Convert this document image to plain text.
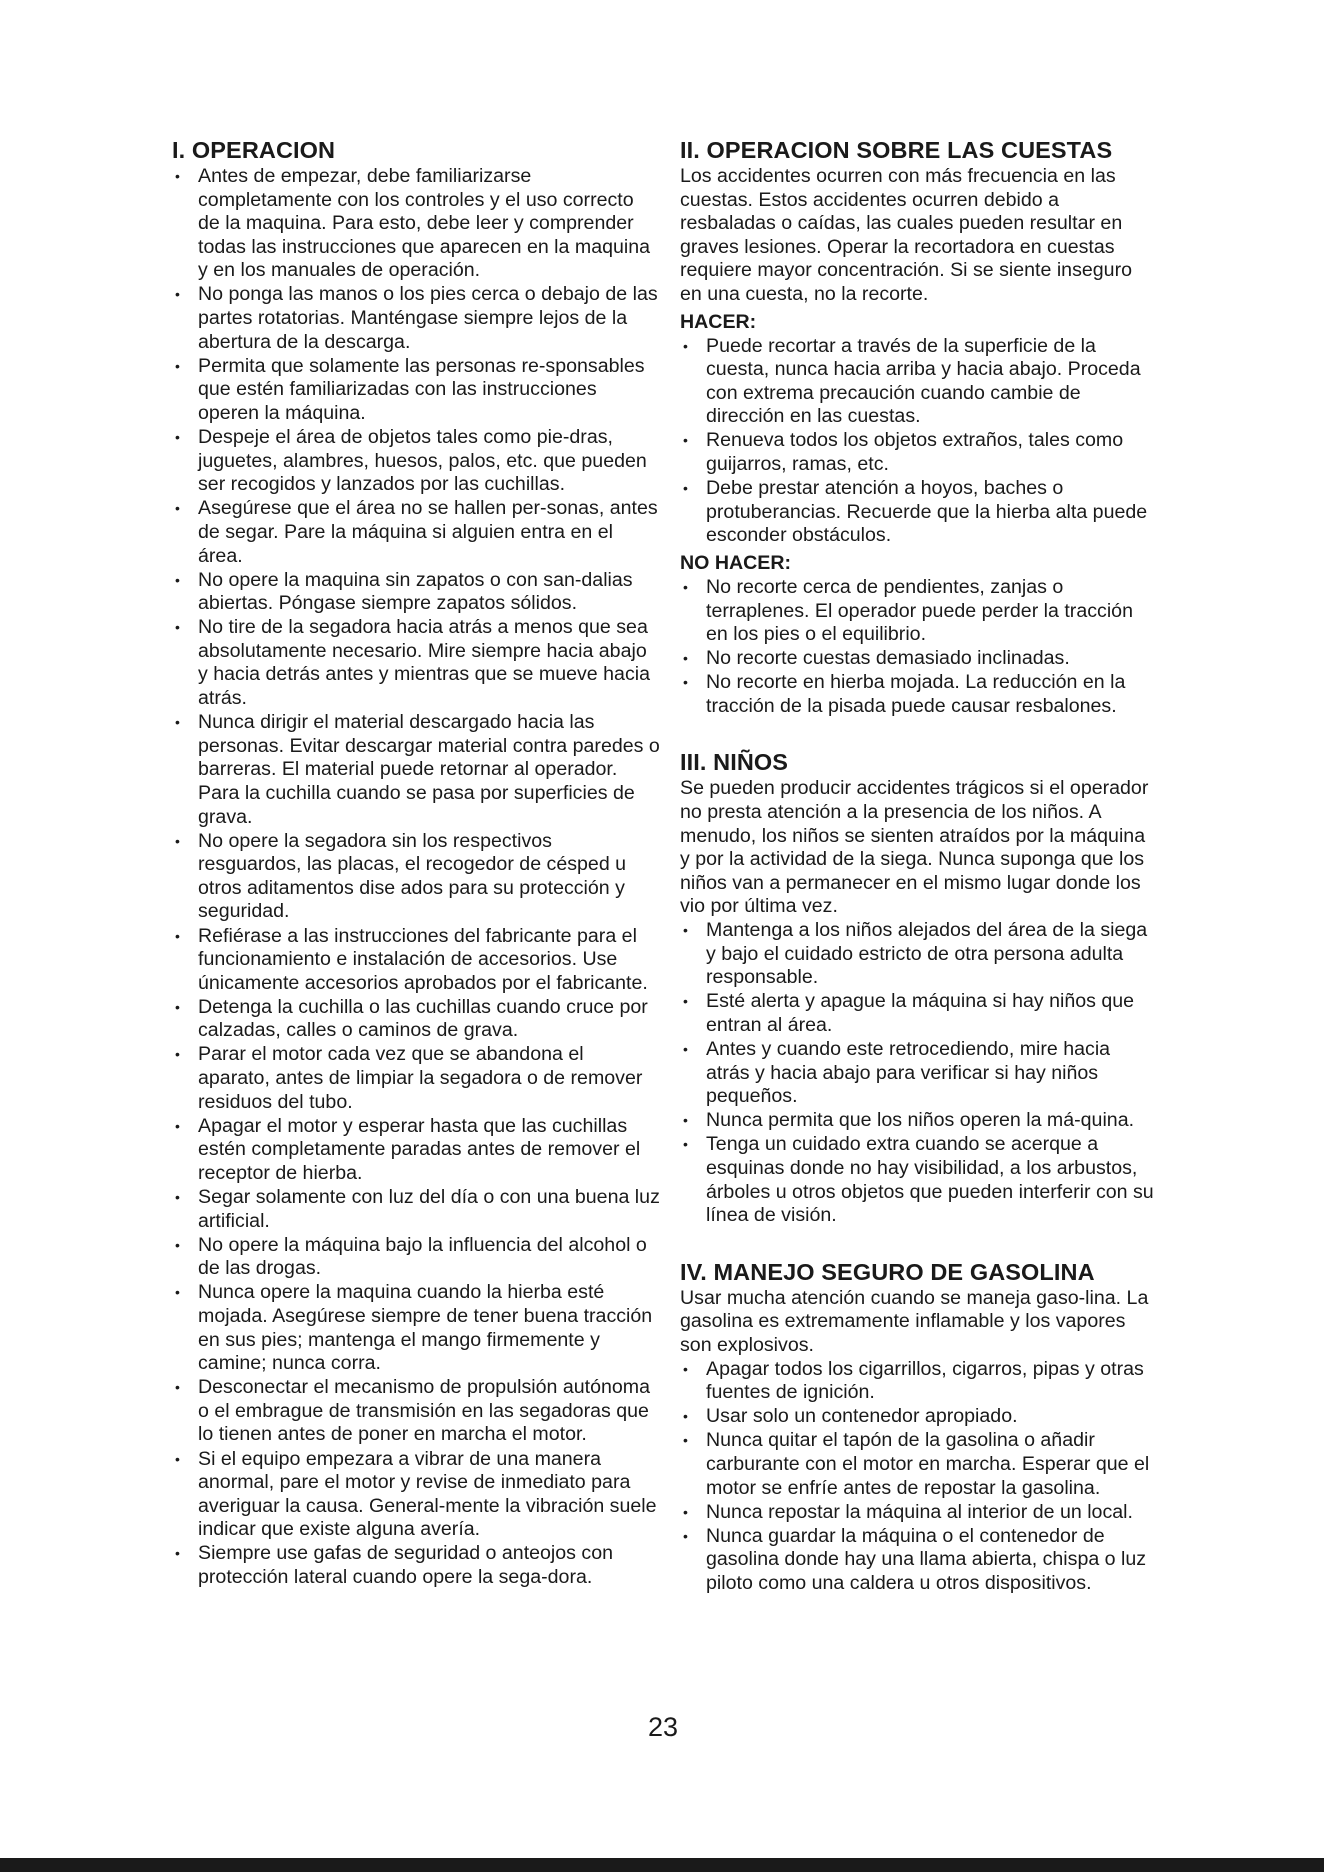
I. OPERACION
• Antes de empezar, debe familiarizarse completamente con los controles y el uso correcto de la maquina. Para esto, debe leer y comprender todas las instrucciones que aparecen en la maquina y en los manuales de operación.
• No ponga las manos o los pies cerca o debajo de las partes rotatorias. Manténgase siempre lejos de la abertura de la descarga.
• Permita que solamente las personas re-sponsables que estén familiarizadas con las instrucciones operen la máquina.
• Despeje el área de objetos tales como pie-dras, juguetes, alambres, huesos, palos, etc. que pueden ser recogidos y lanzados por las cuchillas.
• Asegúrese que el área no se hallen per-sonas, antes de segar. Pare la máquina si alguien entra en el área.
• No opere la maquina sin zapatos o con san-dalias abiertas. Póngase siempre zapatos sólidos.
• No tire de la segadora hacia atrás a menos que sea absolutamente necesario. Mire siempre hacia abajo y hacia detrás antes y mientras que se mueve hacia atrás.
• Nunca dirigir el material descargado hacia las personas. Evitar descargar material contra paredes o barreras. El material puede retornar al operador. Para la cuchilla cuando se pasa por superficies de grava.
• No opere la segadora sin los respectivos resguardos, las placas, el recogedor de césped u otros aditamentos dise ados para su protección y seguridad.
• Refiérase a las instrucciones del fabricante para el funcionamiento e instalación de accesorios. Use únicamente accesorios aprobados por el fabricante.
• Detenga la cuchilla o las cuchillas cuando cruce por calzadas, calles o caminos de grava.
• Parar el motor cada vez que se abandona el aparato, antes de limpiar la segadora o de remover residuos del tubo.
• Apagar el motor y esperar hasta que las cuchillas estén completamente paradas antes de remover el receptor de hierba.
• Segar solamente con luz del día o con una buena luz artificial.
• No opere la máquina bajo la influencia del alcohol o de las drogas.
• Nunca opere la maquina cuando la hierba esté mojada. Asegúrese siempre de tener buena tracción en sus pies; mantenga el mango firmemente y camine; nunca corra.
• Desconectar el mecanismo de propulsión autónoma o el embrague de transmisión en las segadoras que lo tienen antes de poner en marcha el motor.
• Si el equipo empezara a vibrar de una manera anormal, pare el motor y revise de inmediato para averiguar la causa. General-mente la vibración suele indicar que existe alguna avería.
• Siempre use gafas de seguridad o anteojos con protección lateral cuando opere la sega-dora.
II. OPERACION SOBRE LAS CUESTAS

Los accidentes ocurren con más frecuencia en las cuestas. Estos accidentes ocurren debido a resbaladas o caídas, las cuales pueden resultar en graves lesiones. Operar la recortadora en cuestas requiere mayor concentración. Si se siente inseguro en una cuesta, no la recorte.

HACER:
• Puede recortar a través de la superficie de la cuesta, nunca hacia arriba y hacia abajo. Proceda con extrema precaución cuando cambie de dirección en las cuestas.
• Renueva todos los objetos extraños, tales como guijarros, ramas, etc.
• Debe prestar atención a hoyos, baches o protuberancias. Recuerde que la hierba alta puede esconder obstáculos.
NO HACER:
• No recorte cerca de pendientes, zanjas o terraplenes. El operador puede perder la tracción en los pies o el equilibrio.
• No recorte cuestas demasiado inclinadas.
• No recorte en hierba mojada. La reducción en la tracción de la pisada puede causar resbalones.
III. NIÑOS

Se pueden producir accidentes trágicos si el operador no presta atención a la presencia de los niños. A menudo, los niños se sienten atraídos por la máquina y por la actividad de la siega. Nunca suponga que los niños van a permanecer en el mismo lugar donde los vio por última vez.

• Mantenga a los niños alejados del área de la siega y bajo el cuidado estricto de otra persona adulta responsable.
• Esté alerta y apague la máquina si hay niños que entran al área.
• Antes y cuando este retrocediendo, mire hacia atrás y hacia abajo para verificar si hay niños pequeños.
• Nunca permita que los niños operen la má-quina.
• Tenga un cuidado extra cuando se acerque a esquinas donde no hay visibilidad, a los arbustos, árboles u otros objetos que pueden interferir con su línea de visión.
IV. MANEJO SEGURO DE GASOLINA

Usar mucha atención cuando se maneja gaso-lina. La gasolina es extremamente inflamable y los vapores son explosivos.

• Apagar todos los cigarrillos, cigarros, pipas y otras fuentes de ignición.
• Usar solo un contenedor apropiado.
• Nunca quitar el tapón de la gasolina o añadir carburante con el motor en marcha. Esperar que el motor se enfríe antes de repostar la gasolina.
• Nunca repostar la máquina al interior de un local.
• Nunca guardar la máquina o el contenedor de gasolina donde hay una llama abierta, chispa o luz piloto como una caldera u otros dispositivos.
23
